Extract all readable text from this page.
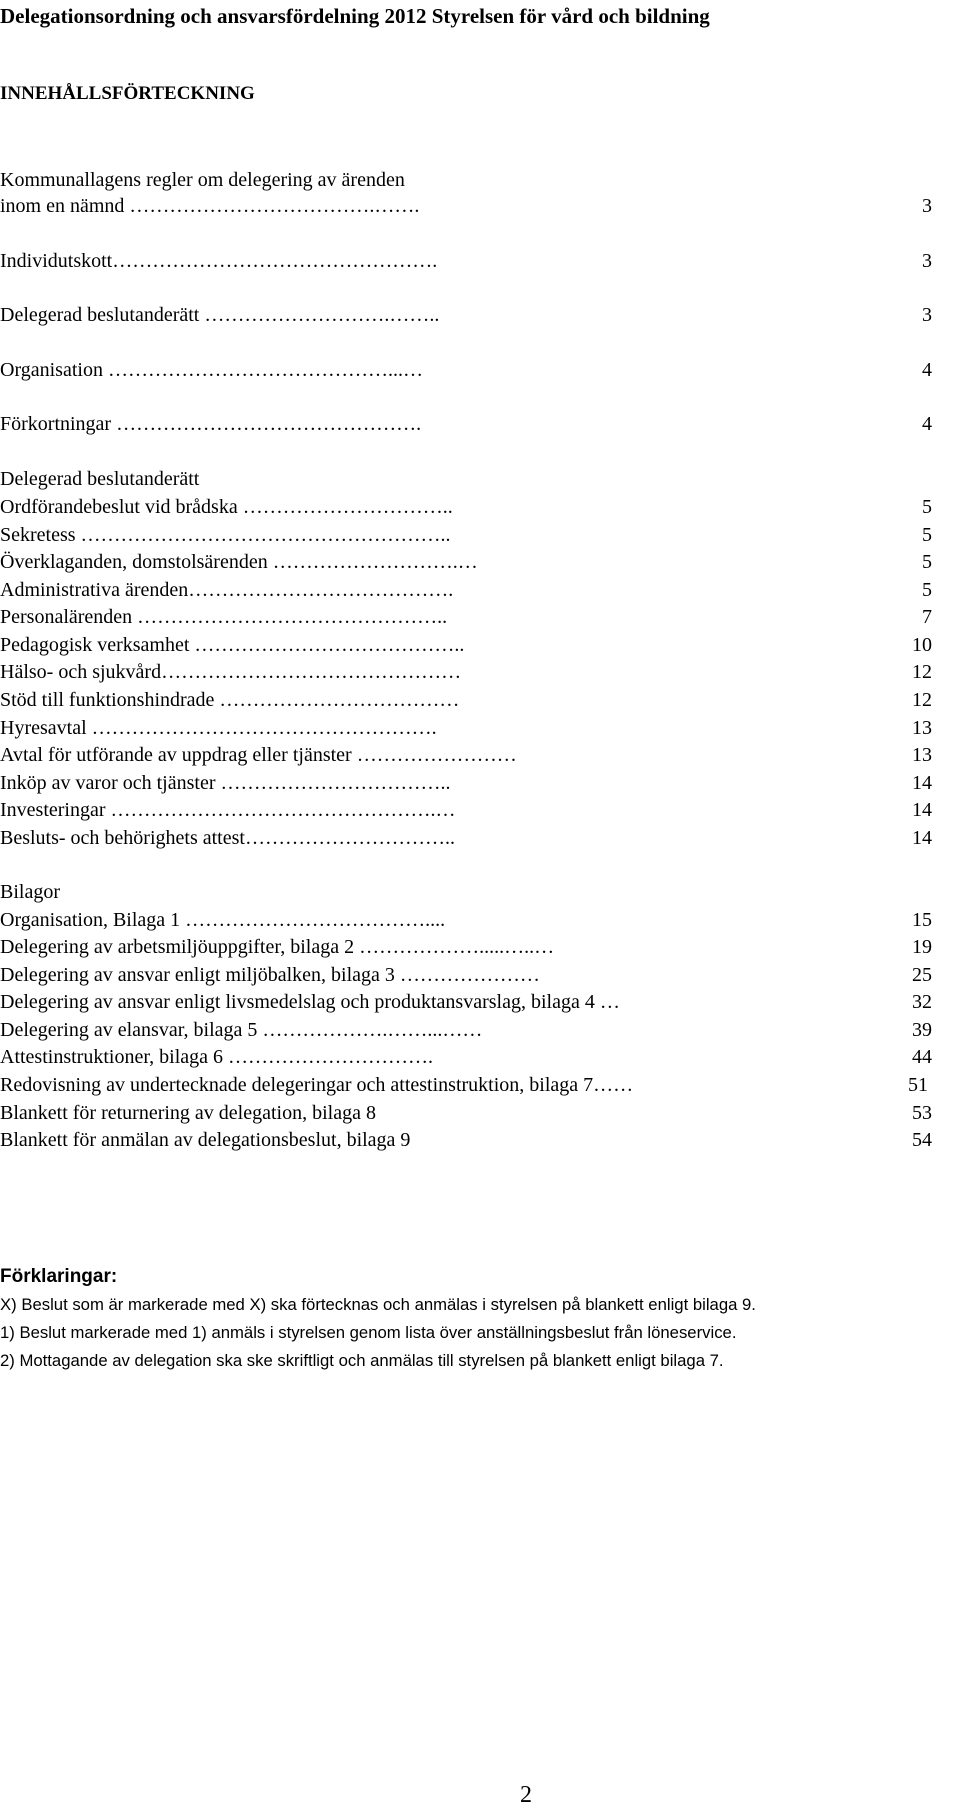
Delegationsordning och ansvarsfördelning 2012 Styrelsen för vård och bildning
INNEHÅLLSFÖRTECKNING
Kommunallagens regler om delegering av ärenden
inom en nämnd ……………………………….…….	3
Individutskott………………………………………….	3
Delegerad beslutanderätt ……………………….……..	3
Organisation ……………………………………...…	4
Förkortningar ……………………………………….	4
Delegerad beslutanderätt
Ordförandebeslut vid brådska …………………………..	5
Sekretess ………………………………………………..	5
Överklaganden, domstolsärenden ……………………….…	5
Administrativa ärenden………………………………….	5
Personalärenden ………………………………………..	7
Pedagogisk verksamhet …………………………………..	10
Hälso- och sjukvård………………………………………	12
Stöd till funktionshindrade ………………………………	12
Hyresavtal …………………………………………….	13
Avtal för utförande av uppdrag eller tjänster ……………………	13
Inköp av varor och tjänster ……………………………..	14
Investeringar ………………………………………….…	14
Besluts- och behörighets attest…………………………..	14
Bilagor
Organisation, Bilaga 1 ………………………………....	15
Delegering av arbetsmiljöuppgifter, bilaga 2 ……………….....…..…	19
Delegering av ansvar enligt miljöbalken, bilaga 3 …………………	25
Delegering av ansvar enligt livsmedelslag och produktansvarslag, bilaga 4 …	32
Delegering av elansvar, bilaga 5 ……………….……...……	39
Attestinstruktioner, bilaga 6 ………………………….	44
Redovisning av undertecknade delegeringar och attestinstruktion, bilaga 7……	51
Blankett för returnering av delegation, bilaga 8	53
Blankett för anmälan av delegationsbeslut, bilaga 9	54
Förklaringar:
X) Beslut som är markerade med X) ska förtecknas och anmälas i styrelsen på blankett enligt bilaga 9.
1) Beslut markerade med 1) anmäls i styrelsen genom lista över anställningsbeslut från löneservice.
2) Mottagande av delegation ska ske skriftligt och anmälas till styrelsen på blankett enligt bilaga 7.
2
